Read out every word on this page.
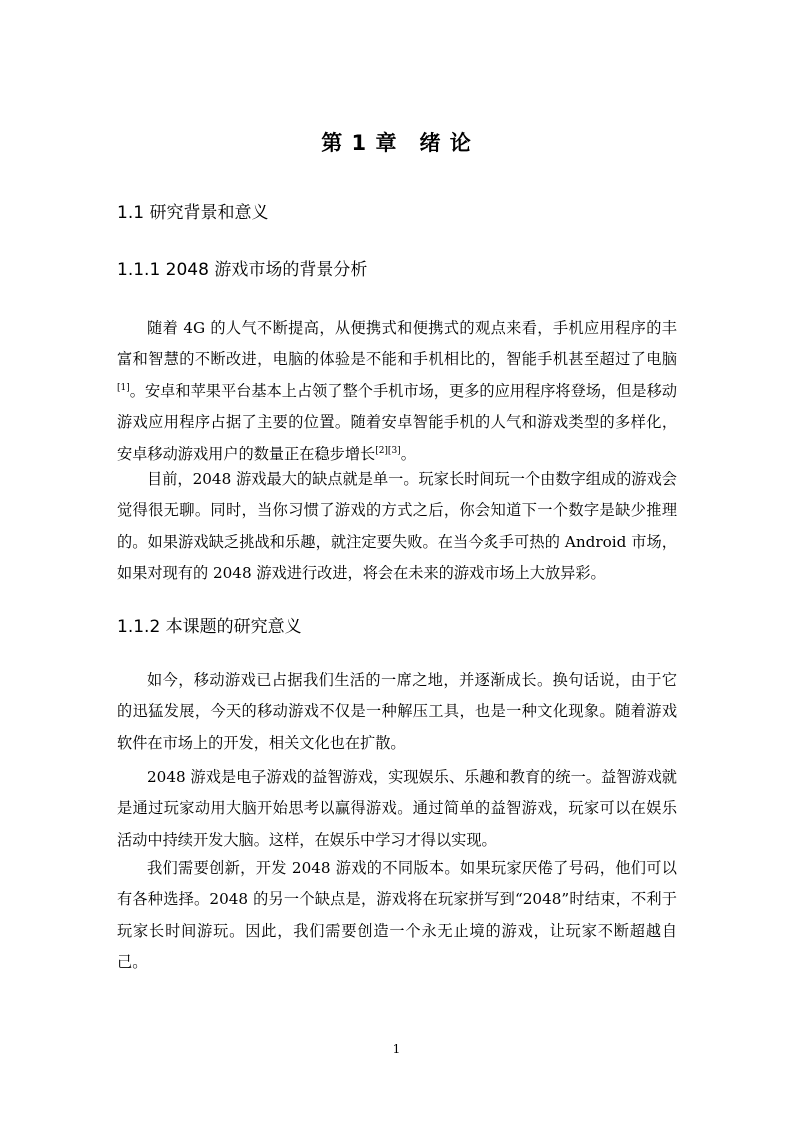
第 1 章 绪 论
1.1 研究背景和意义
1.1.1 2048 游戏市场的背景分析

随着 4G 的人气不断提高，从便携式和便携式的观点来看，手机应用程序的丰富和智慧的不断改进，电脑的体验是不能和手机相比的，智能手机甚至超过了电脑[1]。安卓和苹果平台基本上占领了整个手机市场，更多的应用程序将登场，但是移动游戏应用程序占据了主要的位置。随着安卓智能手机的人气和游戏类型的多样化，安卓移动游戏用户的数量正在稳步增长[2][3]。

目前，2048 游戏最大的缺点就是单一。玩家长时间玩一个由数字组成的游戏会觉得很无聊。同时，当你习惯了游戏的方式之后，你会知道下一个数字是缺少推理的。如果游戏缺乏挑战和乐趣，就注定要失败。在当今炙手可热的 Android 市场，如果对现有的 2048 游戏进行改进，将会在未来的游戏市场上大放异彩。

1.1.2 本课题的研究意义

如今，移动游戏已占据我们生活的一席之地，并逐渐成长。换句话说，由于它的迅猛发展，今天的移动游戏不仅是一种解压工具，也是一种文化现象。随着游戏软件在市场上的开发，相关文化也在扩散。

2048 游戏是电子游戏的益智游戏，实现娱乐、乐趣和教育的统一。益智游戏就是通过玩家动用大脑开始思考以赢得游戏。通过简单的益智游戏，玩家可以在娱乐活动中持续开发大脑。这样，在娱乐中学习才得以实现。

我们需要创新，开发 2048 游戏的不同版本。如果玩家厌倦了号码，他们可以有各种选择。2048 的另一个缺点是，游戏将在玩家拼写到“2048”时结束，不利于玩家长时间游玩。因此，我们需要创造一个永无止境的游戏，让玩家不断超越自己。

1
